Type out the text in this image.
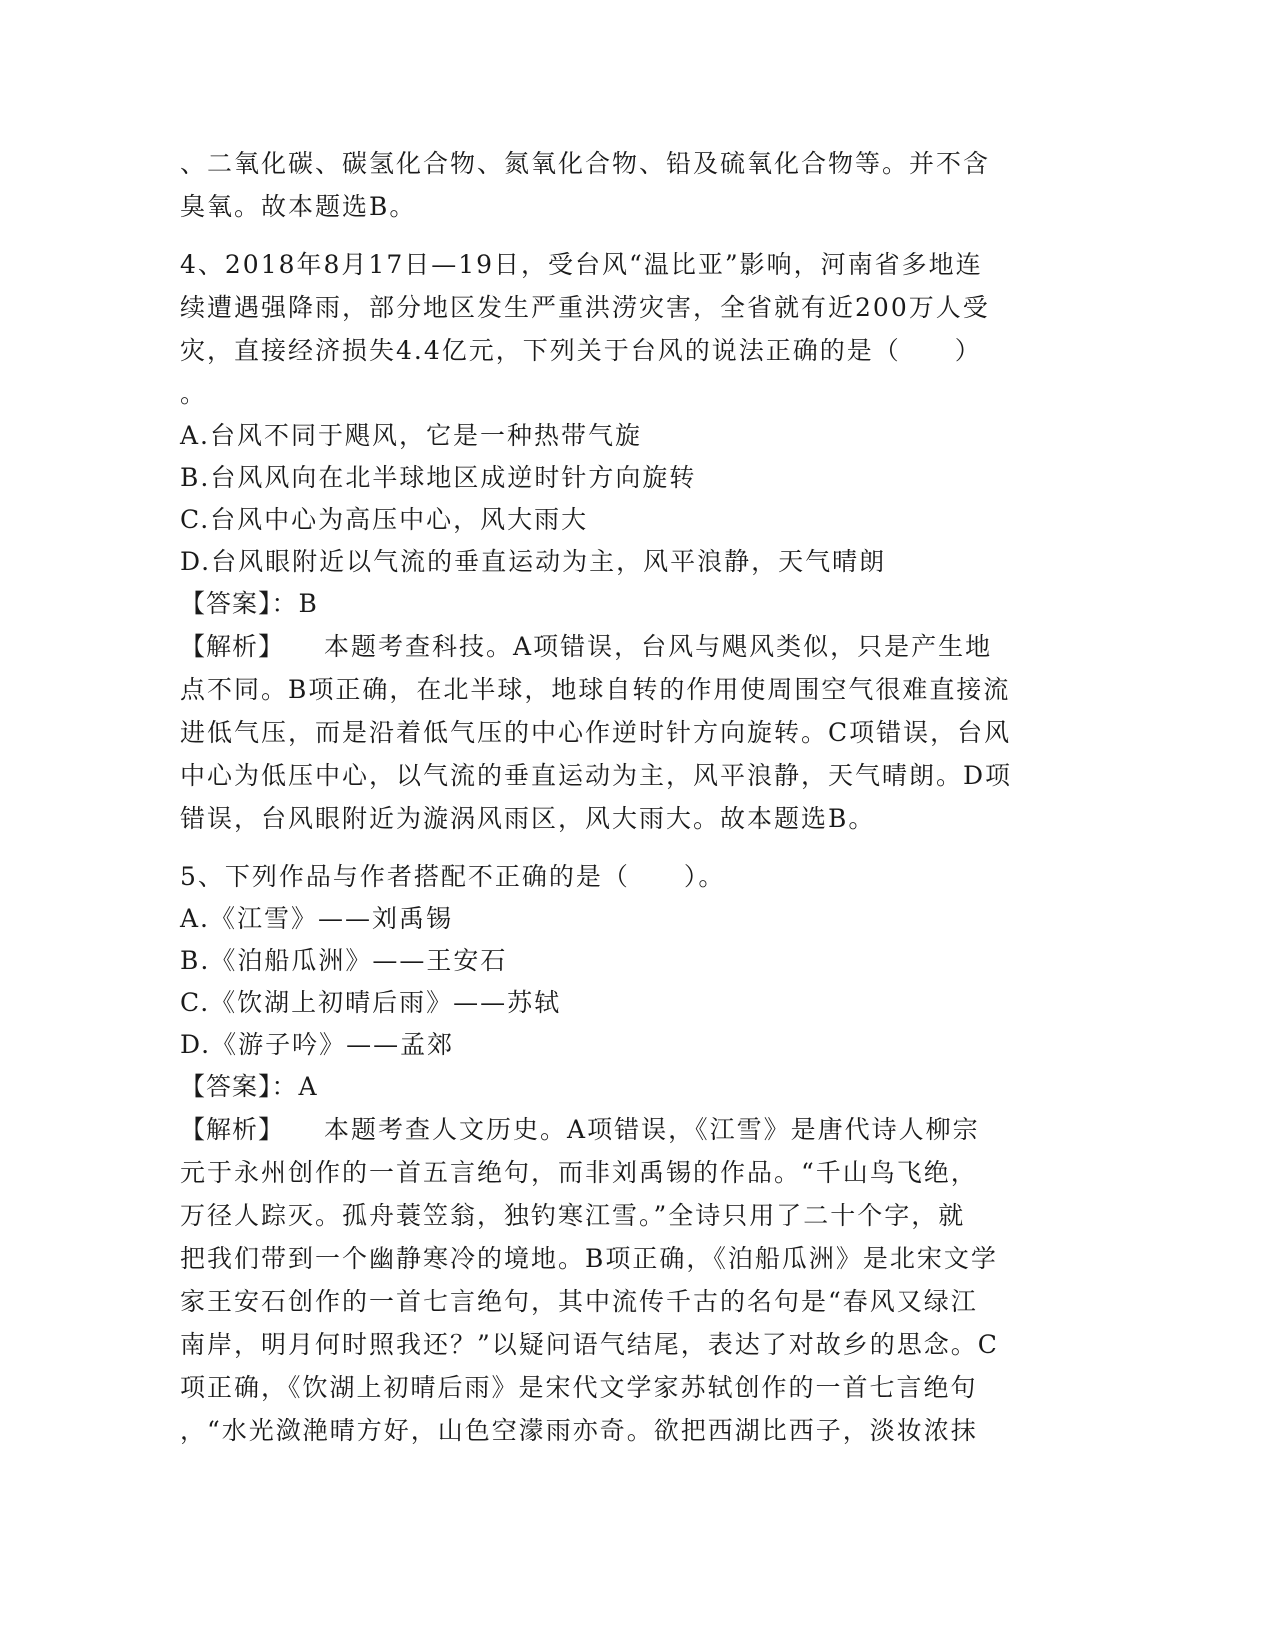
、二氧化碳、碳氢化合物、氮氧化合物、铅及硫氧化合物等。并不含
臭氧。故本题选B。
4、2018年8月17日—19日，受台风“温比亚”影响，河南省多地连
续遭遇强降雨，部分地区发生严重洪涝灾害，全省就有近200万人受
灾，直接经济损失4.4亿元，下列关于台风的说法正确的是（　　）
。
A.台风不同于飓风，它是一种热带气旋
B.台风风向在北半球地区成逆时针方向旋转
C.台风中心为高压中心，风大雨大
D.台风眼附近以气流的垂直运动为主，风平浪静，天气晴朗
【答案】：B
【解析】 本题考查科技。A项错误，台风与飓风类似，只是产生地
点不同。B项正确，在北半球，地球自转的作用使周围空气很难直接流
进低气压，而是沿着低气压的中心作逆时针方向旋转。C项错误，台风
中心为低压中心，以气流的垂直运动为主，风平浪静，天气晴朗。D项
错误，台风眼附近为漩涡风雨区，风大雨大。故本题选B。
5、下列作品与作者搭配不正确的是（　　）。
A.《江雪》——刘禹锡
B.《泊船瓜洲》——王安石
C.《饮湖上初晴后雨》——苏轼
D.《游子吟》——孟郊
【答案】：A
【解析】 本题考查人文历史。A项错误，《江雪》是唐代诗人柳宗
元于永州创作的一首五言绝句，而非刘禹锡的作品。“千山鸟飞绝，
万径人踪灭。孤舟蓑笠翁，独钓寒江雪。”全诗只用了二十个字，就
把我们带到一个幽静寒冷的境地。B项正确，《泊船瓜洲》是北宋文学
家王安石创作的一首七言绝句，其中流传千古的名句是“春风又绿江
南岸，明月何时照我还？”以疑问语气结尾，表达了对故乡的思念。C
项正确，《饮湖上初晴后雨》是宋代文学家苏轼创作的一首七言绝句
，“水光潋滟晴方好，山色空濛雨亦奇。欲把西湖比西子，淡妆浓抹
